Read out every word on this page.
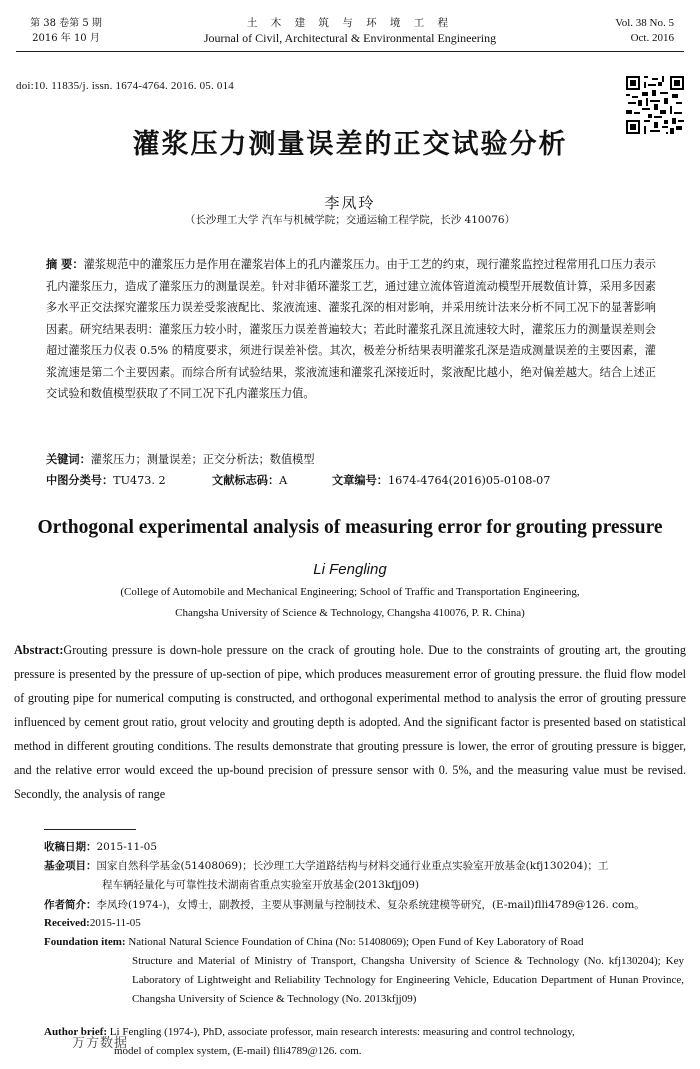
第 38 卷第 5 期
2016 年 10 月
土 木 建 筑 与 环 境 工 程
Journal of Civil, Architectural & Environmental Engineering
Vol. 38 No. 5
Oct. 2016
doi:10. 11835/j. issn. 1674-4764. 2016. 05. 014
灌浆压力测量误差的正交试验分析
李凤玲
（长沙理工大学 汽车与机械学院；交通运输工程学院，长沙 410076）
摘 要：灌浆规范中的灌浆压力是作用在灌浆岩体上的孔内灌浆压力。由于工艺的约束，现行灌浆监控过程常用孔口压力表示孔内灌浆压力，造成了灌浆压力的测量误差。针对非循环灌浆工艺，通过建立流体管道流动模型开展数值计算，采用多因素多水平正交法探究灌浆压力误差受浆液配比、浆液流速、灌浆孔深的相对影响，并采用统计法来分析不同工况下的显著影响因素。研究结果表明：灌浆压力较小时，灌浆压力误差普遍较大；若此时灌浆孔深且流速较大时，灌浆压力的测量误差则会超过灌浆压力仪表 0.5% 的精度要求，须进行误差补偿。其次，极差分析结果表明灌浆孔深是造成测量误差的主要因素，灌浆流速是第二个主要因素。而综合所有试验结果，浆液流速和灌浆孔深接近时，浆液配比越小，绝对偏差越大。结合上述正交试验和数值模型获取了不同工况下孔内灌浆压力值。
关键词：灌浆压力；测量误差；正交分析法；数值模型
中图分类号：TU473. 2	文献标志码：A	文章编号：1674-4764(2016)05-0108-07
Orthogonal experimental analysis of measuring error for grouting pressure
Li Fengling
(College of Automobile and Mechanical Engineering; School of Traffic and Transportation Engineering,
Changsha University of Science & Technology, Changsha 410076, P. R. China)
Abstract:Grouting pressure is down-hole pressure on the crack of grouting hole. Due to the constraints of grouting art, the grouting pressure is presented by the pressure of up-section of pipe, which produces measurement error of grouting pressure. the fluid flow model of grouting pipe for numerical computing is constructed, and orthogonal experimental method to analysis the error of grouting pressure influenced by cement grout ratio, grout velocity and grouting depth is adopted. And the significant factor is presented based on statistical method in different grouting conditions. The results demonstrate that grouting pressure is lower, the error of grouting pressure is bigger, and the relative error would exceed the up-bound precision of pressure sensor with 0. 5%, and the measuring value must be revised. Secondly, the analysis of range
收稿日期：2015-11-05
基金项目：国家自然科学基金(51408069)；长沙理工大学道路结构与材料交通行业重点实验室开放基金(kfj130204)；工
程车辆轻量化与可靠性技术湖南省重点实验室开放基金(2013kfjj09)
作者简介：李凤玲(1974-)，女博士，副教授，主要从事测量与控制技术、复杂系统建模等研究，(E-mail)flli4789@126. com。
Received:2015-11-05
Foundation item: National Natural Science Foundation of China (No: 51408069); Open Fund of Key Laboratory of Road
Structure and Material of Ministry of Transport, Changsha University of Science & Technology (No. kfj130204); Key Laboratory of Lightweight and Reliability Technology for Engineering Vehicle, Education Department of Hunan Province, Changsha University of Science & Technology (No. 2013kfjj09)
Author brief: Li Fengling (1974-), PhD, associate professor, main research interests: measuring and control technology,
model of complex system, (E-mail) flli4789@126. com.
万方数据
